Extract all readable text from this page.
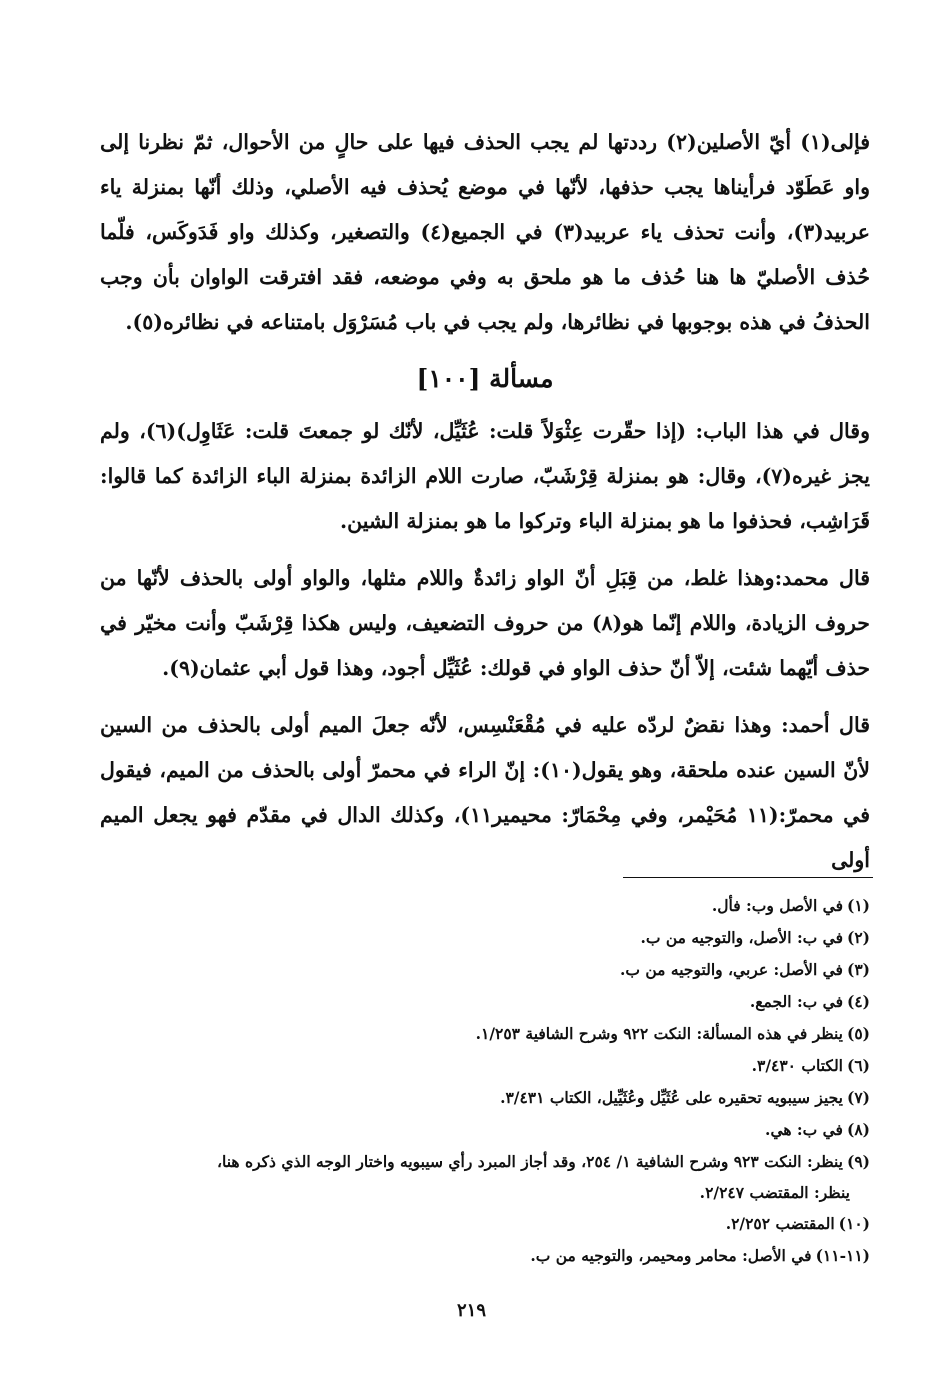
فإلى(١) أيّ الأصلين(٢) رددتها لم يجب الحذف فيها على حالٍ من الأحوال، ثمّ نظرنا إلى واو عَطَوّد فرأيناها يجب حذفها، لأنّها في موضع يُحذف فيه الأصلي، وذلك أنّها بمنزلة ياء عربيد(٣)، وأنت تحذف ياء عربيد(٣) في الجميع(٤) والتصغير، وكذلك واو فَدَوكَس، فلّما حُذف الأصليّ ها هنا حُذف ما هو ملحق به وفي موضعه، فقد افترقت الواوان بأن وجب الحذفُ في هذه بوجوبها في نظائرها، ولم يجب في باب مُسَرْوَل بامتناعه في نظائره(٥).

مسألة [١٠٠]

وقال في هذا الباب: (إذا حقّرت عِثْوَلاً قلت: عُثَيِّل، لأنّك لو جمعتَ قلت: عَثَاوِل)(٦)، ولم يجز غيره(٧)، وقال: هو بمنزلة قِرْشَبّ، صارت اللام الزائدة بمنزلة الباء الزائدة كما قالوا: قَرَاشِب، فحذفوا ما هو بمنزلة الباء وتركوا ما هو بمنزلة الشين.

قال محمد:وهذا غلط، من قِبَلِ أنّ الواو زائدةٌ واللام مثلها، والواو أولى بالحذف لأنّها من حروف الزيادة، واللام إنّما هو(٨) من حروف التضعيف، وليس هكذا قِرْشَبّ وأنت مخيّر في حذف أيّهما شئت، إلاّ أنّ حذف الواو في قولك: عُثَيِّل أجود، وهذا قول أبي عثمان(٩).

قال أحمد: وهذا نقضٌ لردّه عليه في مُقْعَنْسِس، لأنّه جعلَ الميم أولى بالحذف من السين لأنّ السين عنده ملحقة، وهو يقول(١٠): إنّ الراء في محمرّ أولى بالحذف من الميم، فيقول في محمرّ:(١١ مُحَيْمر، وفي مِحْمَارّ: محيمير١١)، وكذلك الدال في مقدّم فهو يجعل الميم أولى

(١)في الأصل وب: فأل.

(٢)في ب: الأصل، والتوجيه من ب.

(٣)في الأصل: عربي، والتوجيه من ب.

(٤)في ب: الجمع.

(٥)ينظر في هذه المسألة: النكت ٩٢٢ وشرح الشافية ١/٢٥٣.

(٦)الكتاب ٣/٤٣٠.

(٧)يجيز سيبويه تحقيره على عُثَيِّل وعُثَيِّيل، الكتاب ٣/٤٣١.

(٨)في ب: هي.

(٩)ينظر: النكت ٩٢٣ وشرح الشافية ١/ ٢٥٤، وقد أجاز المبرد رأي سيبويه واختار الوجه الذي ذكره هنا،

ينظر: المقتضب ٢/٢٤٧.

(١٠)المقتضب ٢/٢٥٢.

(١١-١١)في الأصل: محامر ومحيمر، والتوجيه من ب.

٢١٩
